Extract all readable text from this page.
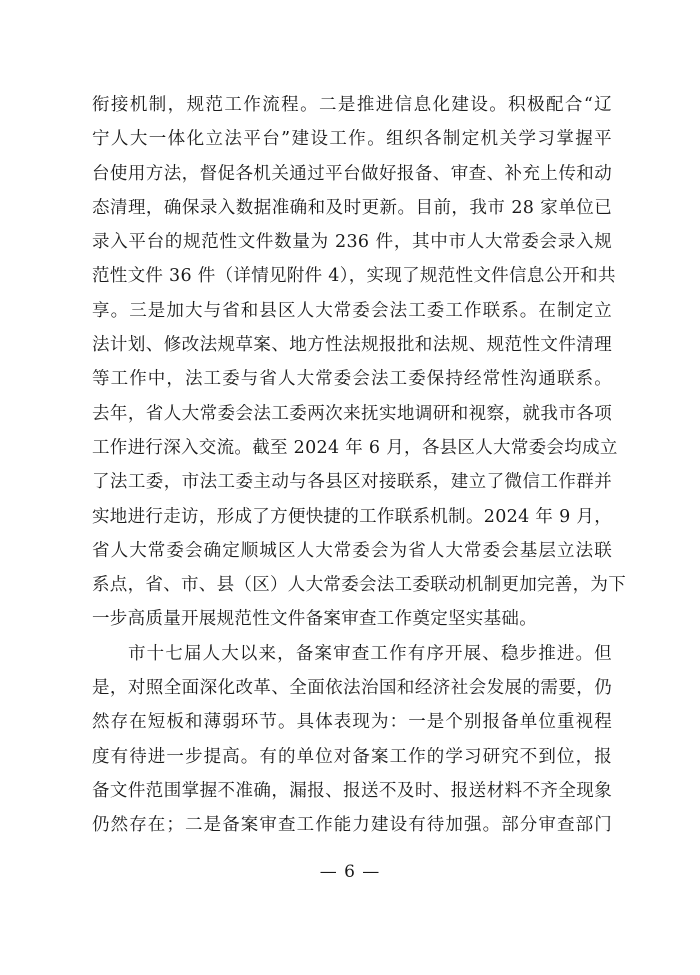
衔接机制，规范工作流程。二是推进信息化建设。积极配合“辽
宁人大一体化立法平台”建设工作。组织各制定机关学习掌握平
台使用方法，督促各机关通过平台做好报备、审查、补充上传和动
态清理，确保录入数据准确和及时更新。目前，我市 28 家单位已
录入平台的规范性文件数量为 236 件，其中市人大常委会录入规
范性文件 36 件（详情见附件 4），实现了规范性文件信息公开和共
享。三是加大与省和县区人大常委会法工委工作联系。在制定立
法计划、修改法规草案、地方性法规报批和法规、规范性文件清理
等工作中，法工委与省人大常委会法工委保持经常性沟通联系。
去年，省人大常委会法工委两次来抚实地调研和视察，就我市各项
工作进行深入交流。截至 2024 年 6 月，各县区人大常委会均成立
了法工委，市法工委主动与各县区对接联系，建立了微信工作群并
实地进行走访，形成了方便快捷的工作联系机制。2024 年 9 月，
省人大常委会确定顺城区人大常委会为省人大常委会基层立法联
系点，省、市、县（区）人大常委会法工委联动机制更加完善，为下
一步高质量开展规范性文件备案审查工作奠定坚实基础。
市十七届人大以来，备案审查工作有序开展、稳步推进。但
是，对照全面深化改革、全面依法治国和经济社会发展的需要，仍
然存在短板和薄弱环节。具体表现为：一是个别报备单位重视程
度有待进一步提高。有的单位对备案工作的学习研究不到位，报
备文件范围掌握不准确，漏报、报送不及时、报送材料不齐全现象
仍然存在；二是备案审查工作能力建设有待加强。部分审查部门
— 6 —
